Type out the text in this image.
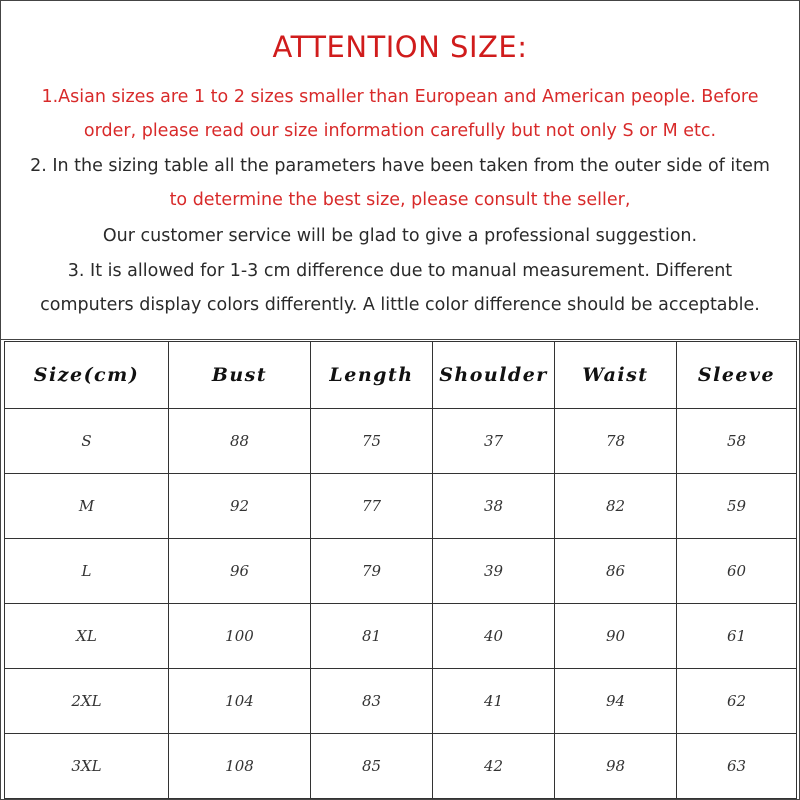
ATTENTION SIZE:
1.Asian sizes are 1 to 2 sizes smaller than European and American people. Before
order, please read our size information carefully but not only S or M etc.
2. In the sizing table all the parameters have been taken from the outer side of item
to determine the best size, please consult the seller,
Our customer service will be glad to give a professional suggestion.
3. It is allowed for 1-3 cm difference due to manual measurement. Different
computers display colors differently. A little color difference should be acceptable.
Size(cm)	Bust	Length	Shoulder	Waist	Sleeve
S	88	75	37	78	58
M	92	77	38	82	59
L	96	79	39	86	60
XL	100	81	40	90	61
2XL	104	83	41	94	62
3XL	108	85	42	98	63
